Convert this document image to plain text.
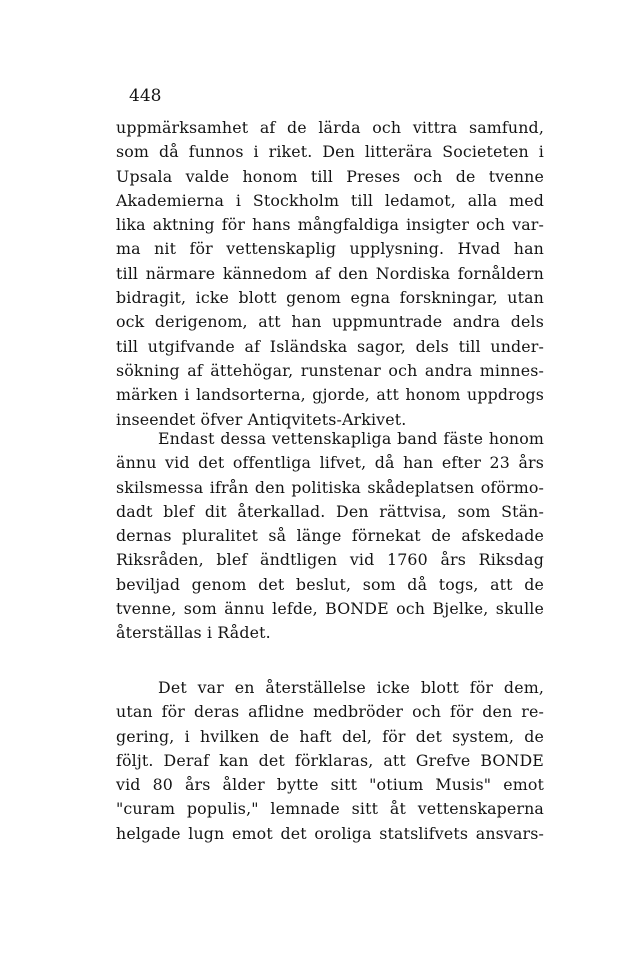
448
uppmärksamhet af de lärda och vittra samfund,
som då funnos i riket. Den litterära Societeten i
Upsala valde honom till Preses och de tvenne
Akademierna i Stockholm till ledamot, alla med
lika aktning för hans mångfaldiga insigter och var-
ma nit för vettenskaplig upplysning. Hvad han
till närmare kännedom af den Nordiska fornåldern
bidragit, icke blott genom egna forskningar, utan
ock derigenom, att han uppmuntrade andra dels
till utgifvande af Isländska sagor, dels till under-
sökning af ättehögar, runstenar och andra minnes-
märken i landsorterna, gjorde, att honom uppdrogs
inseendet öfver Antiqvitets-Arkivet.
Endast dessa vettenskapliga band fäste honom
ännu vid det offentliga lifvet, då han efter 23 års
skilsmessa ifrån den politiska skådeplatsen oförmo-
dadt blef dit återkallad. Den rättvisa, som Stän-
dernas pluralitet så länge förnekat de afskedade
Riksråden, blef ändtligen vid 1760 års Riksdag
beviljad genom det beslut, som då togs, att de
tvenne, som ännu lefde, BONDE och Bjelke, skulle
återställas i Rådet.
Det var en återställelse icke blott för dem,
utan för deras aflidne medbröder och för den re-
gering, i hvilken de haft del, för det system, de
följt. Deraf kan det förklaras, att Grefve BONDE
vid 80 års ålder bytte sitt "otium Musis" emot
"curam populis," lemnade sitt åt vettenskaperna
helgade lugn emot det oroliga statslifvets ansvars-
